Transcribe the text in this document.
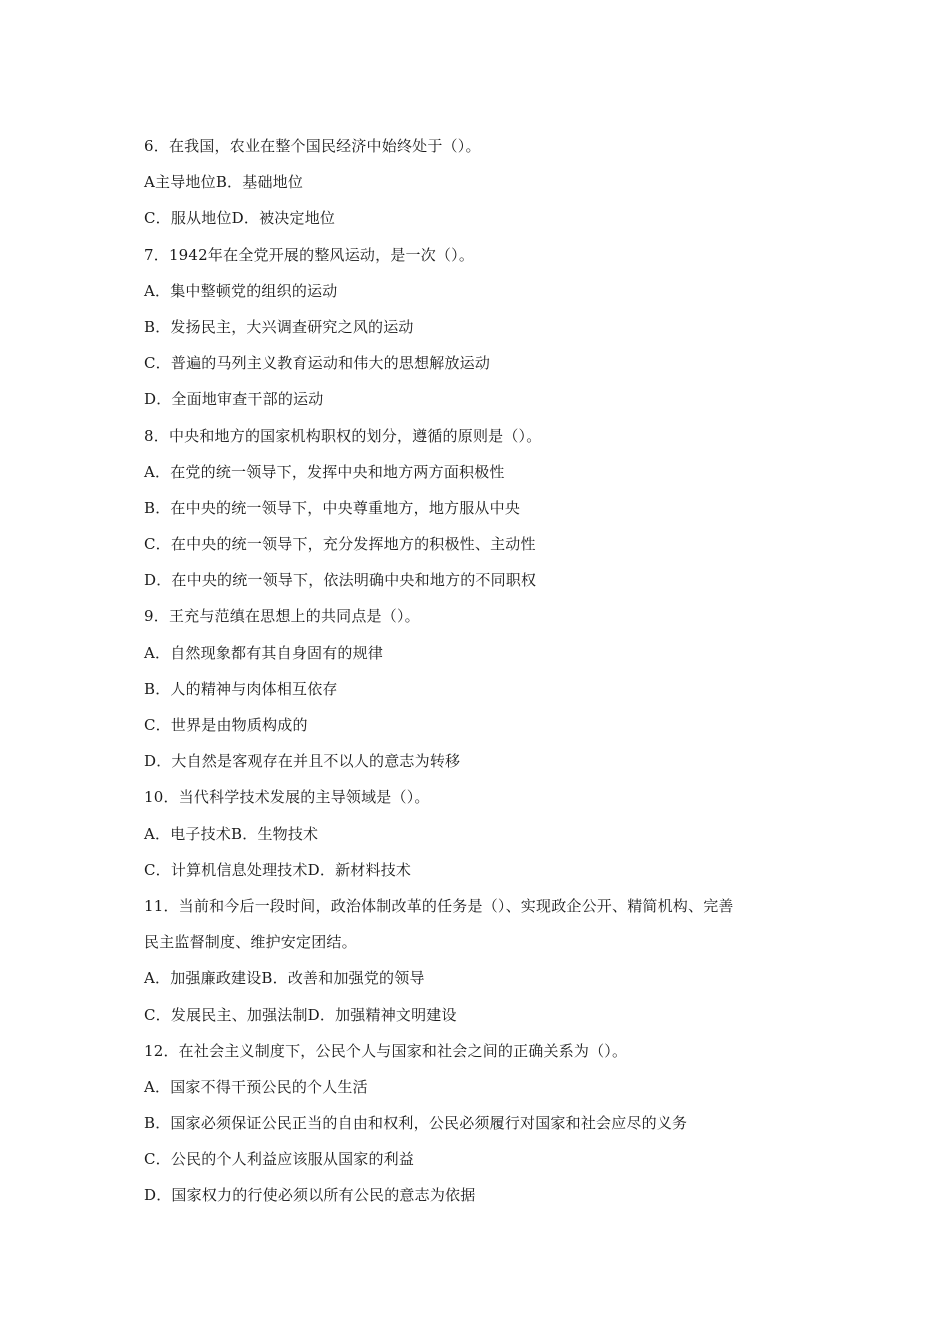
6．在我国，农业在整个国民经济中始终处于（）。
A主导地位B．基础地位
C．服从地位D．被决定地位
7．1942年在全党开展的整风运动，是一次（）。
A．集中整顿党的组织的运动
B．发扬民主，大兴调查研究之风的运动
C．普遍的马列主义教育运动和伟大的思想解放运动
D．全面地审查干部的运动
8．中央和地方的国家机构职权的划分，遵循的原则是（）。
A．在党的统一领导下，发挥中央和地方两方面积极性
B．在中央的统一领导下，中央尊重地方，地方服从中央
C．在中央的统一领导下，充分发挥地方的积极性、主动性
D．在中央的统一领导下，依法明确中央和地方的不同职权
9．王充与范缜在思想上的共同点是（）。
A．自然现象都有其自身固有的规律
B．人的精神与肉体相互依存
C．世界是由物质构成的
D．大自然是客观存在并且不以人的意志为转移
10．当代科学技术发展的主导领域是（）。
A．电子技术B．生物技术
C．计算机信息处理技术D．新材料技术
11．当前和今后一段时间，政治体制改革的任务是（）、实现政企公开、精简机构、完善
民主监督制度、维护安定团结。
A．加强廉政建设B．改善和加强党的领导
C．发展民主、加强法制D．加强精神文明建设
12．在社会主义制度下，公民个人与国家和社会之间的正确关系为（）。
A．国家不得干预公民的个人生活
B．国家必须保证公民正当的自由和权利，公民必须履行对国家和社会应尽的义务
C．公民的个人利益应该服从国家的利益
D．国家权力的行使必须以所有公民的意志为依据
